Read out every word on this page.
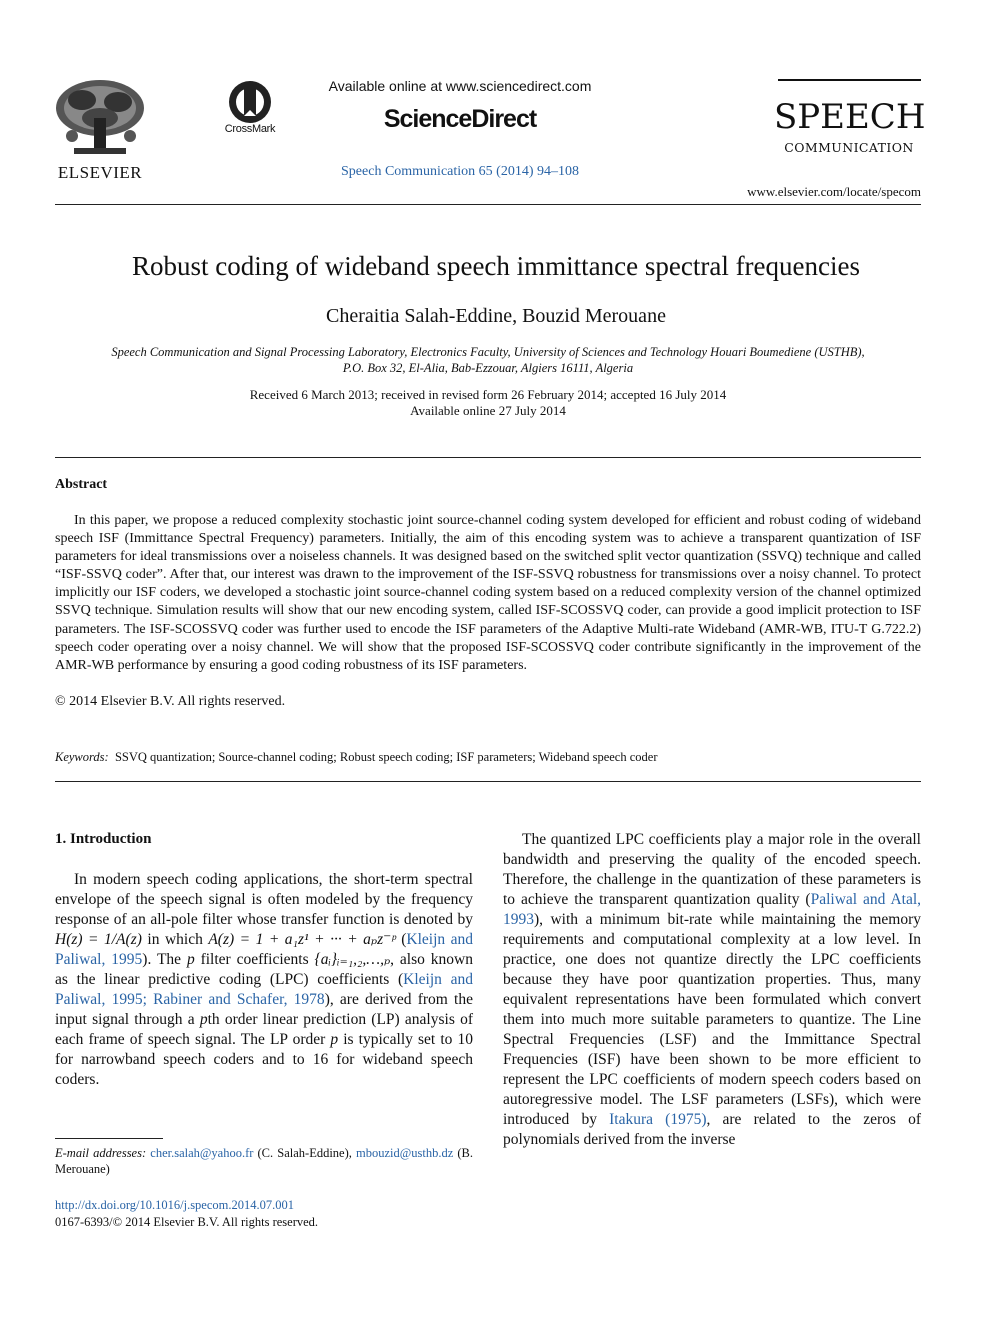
ELSEVIER
CrossMark
Available online at www.sciencedirect.com
ScienceDirect
Speech Communication 65 (2014) 94–108
SPEECH
COMMUNICATION
www.elsevier.com/locate/specom
Robust coding of wideband speech immittance spectral frequencies
Cheraitia Salah-Eddine, Bouzid Merouane
Speech Communication and Signal Processing Laboratory, Electronics Faculty, University of Sciences and Technology Houari Boumediene (USTHB),
P.O. Box 32, El-Alia, Bab-Ezzouar, Algiers 16111, Algeria
Received 6 March 2013; received in revised form 26 February 2014; accepted 16 July 2014
Available online 27 July 2014
Abstract
In this paper, we propose a reduced complexity stochastic joint source-channel coding system developed for efficient and robust coding of wideband speech ISF (Immittance Spectral Frequency) parameters. Initially, the aim of this encoding system was to achieve a transparent quantization of ISF parameters for ideal transmissions over a noiseless channels. It was designed based on the switched split vector quantization (SSVQ) technique and called “ISF-SSVQ coder”. After that, our interest was drawn to the improvement of the ISF-SSVQ robustness for transmissions over a noisy channel. To protect implicitly our ISF coders, we developed a stochastic joint source-channel coding system based on a reduced complexity version of the channel optimized SSVQ technique. Simulation results will show that our new encoding system, called ISF-SCOSSVQ coder, can provide a good implicit protection to ISF parameters. The ISF-SCOSSVQ coder was further used to encode the ISF parameters of the Adaptive Multi-rate Wideband (AMR-WB, ITU-T G.722.2) speech coder operating over a noisy channel. We will show that the proposed ISF-SCOSSVQ coder contribute significantly in the improvement of the AMR-WB performance by ensuring a good coding robustness of its ISF parameters.
© 2014 Elsevier B.V. All rights reserved.
Keywords: SSVQ quantization; Source-channel coding; Robust speech coding; ISF parameters; Wideband speech coder
1. Introduction
In modern speech coding applications, the short-term spectral envelope of the speech signal is often modeled by the frequency response of an all-pole filter whose transfer function is denoted by H(z) = 1/A(z) in which A(z) = 1 + a₁z¹ + ··· + aₚz⁻ᵖ (Kleijn and Paliwal, 1995). The p filter coefficients {aᵢ}ᵢ₌₁,₂,…,ₚ, also known as the linear predictive coding (LPC) coefficients (Kleijn and Paliwal, 1995; Rabiner and Schafer, 1978), are derived from the input signal through a pth order linear prediction (LP) analysis of each frame of speech signal. The LP order p is typically set to 10 for narrowband speech coders and to 16 for wideband speech coders.
The quantized LPC coefficients play a major role in the overall bandwidth and preserving the quality of the encoded speech. Therefore, the challenge in the quantization of these parameters is to achieve the transparent quantization quality (Paliwal and Atal, 1993), with a minimum bit-rate while maintaining the memory requirements and computational complexity at a low level. In practice, one does not quantize directly the LPC coefficients because they have poor quantization properties. Thus, many equivalent representations have been formulated which convert them into much more suitable parameters to quantize. The Line Spectral Frequencies (LSF) and the Immittance Spectral Frequencies (ISF) have been shown to be more efficient to represent the LPC coefficients of modern speech coders based on autoregressive model. The LSF parameters (LSFs), which were introduced by Itakura (1975), are related to the zeros of polynomials derived from the inverse
E-mail addresses: cher.salah@yahoo.fr (C. Salah-Eddine), mbouzid@usthb.dz (B. Merouane)
http://dx.doi.org/10.1016/j.specom.2014.07.001
0167-6393/© 2014 Elsevier B.V. All rights reserved.
